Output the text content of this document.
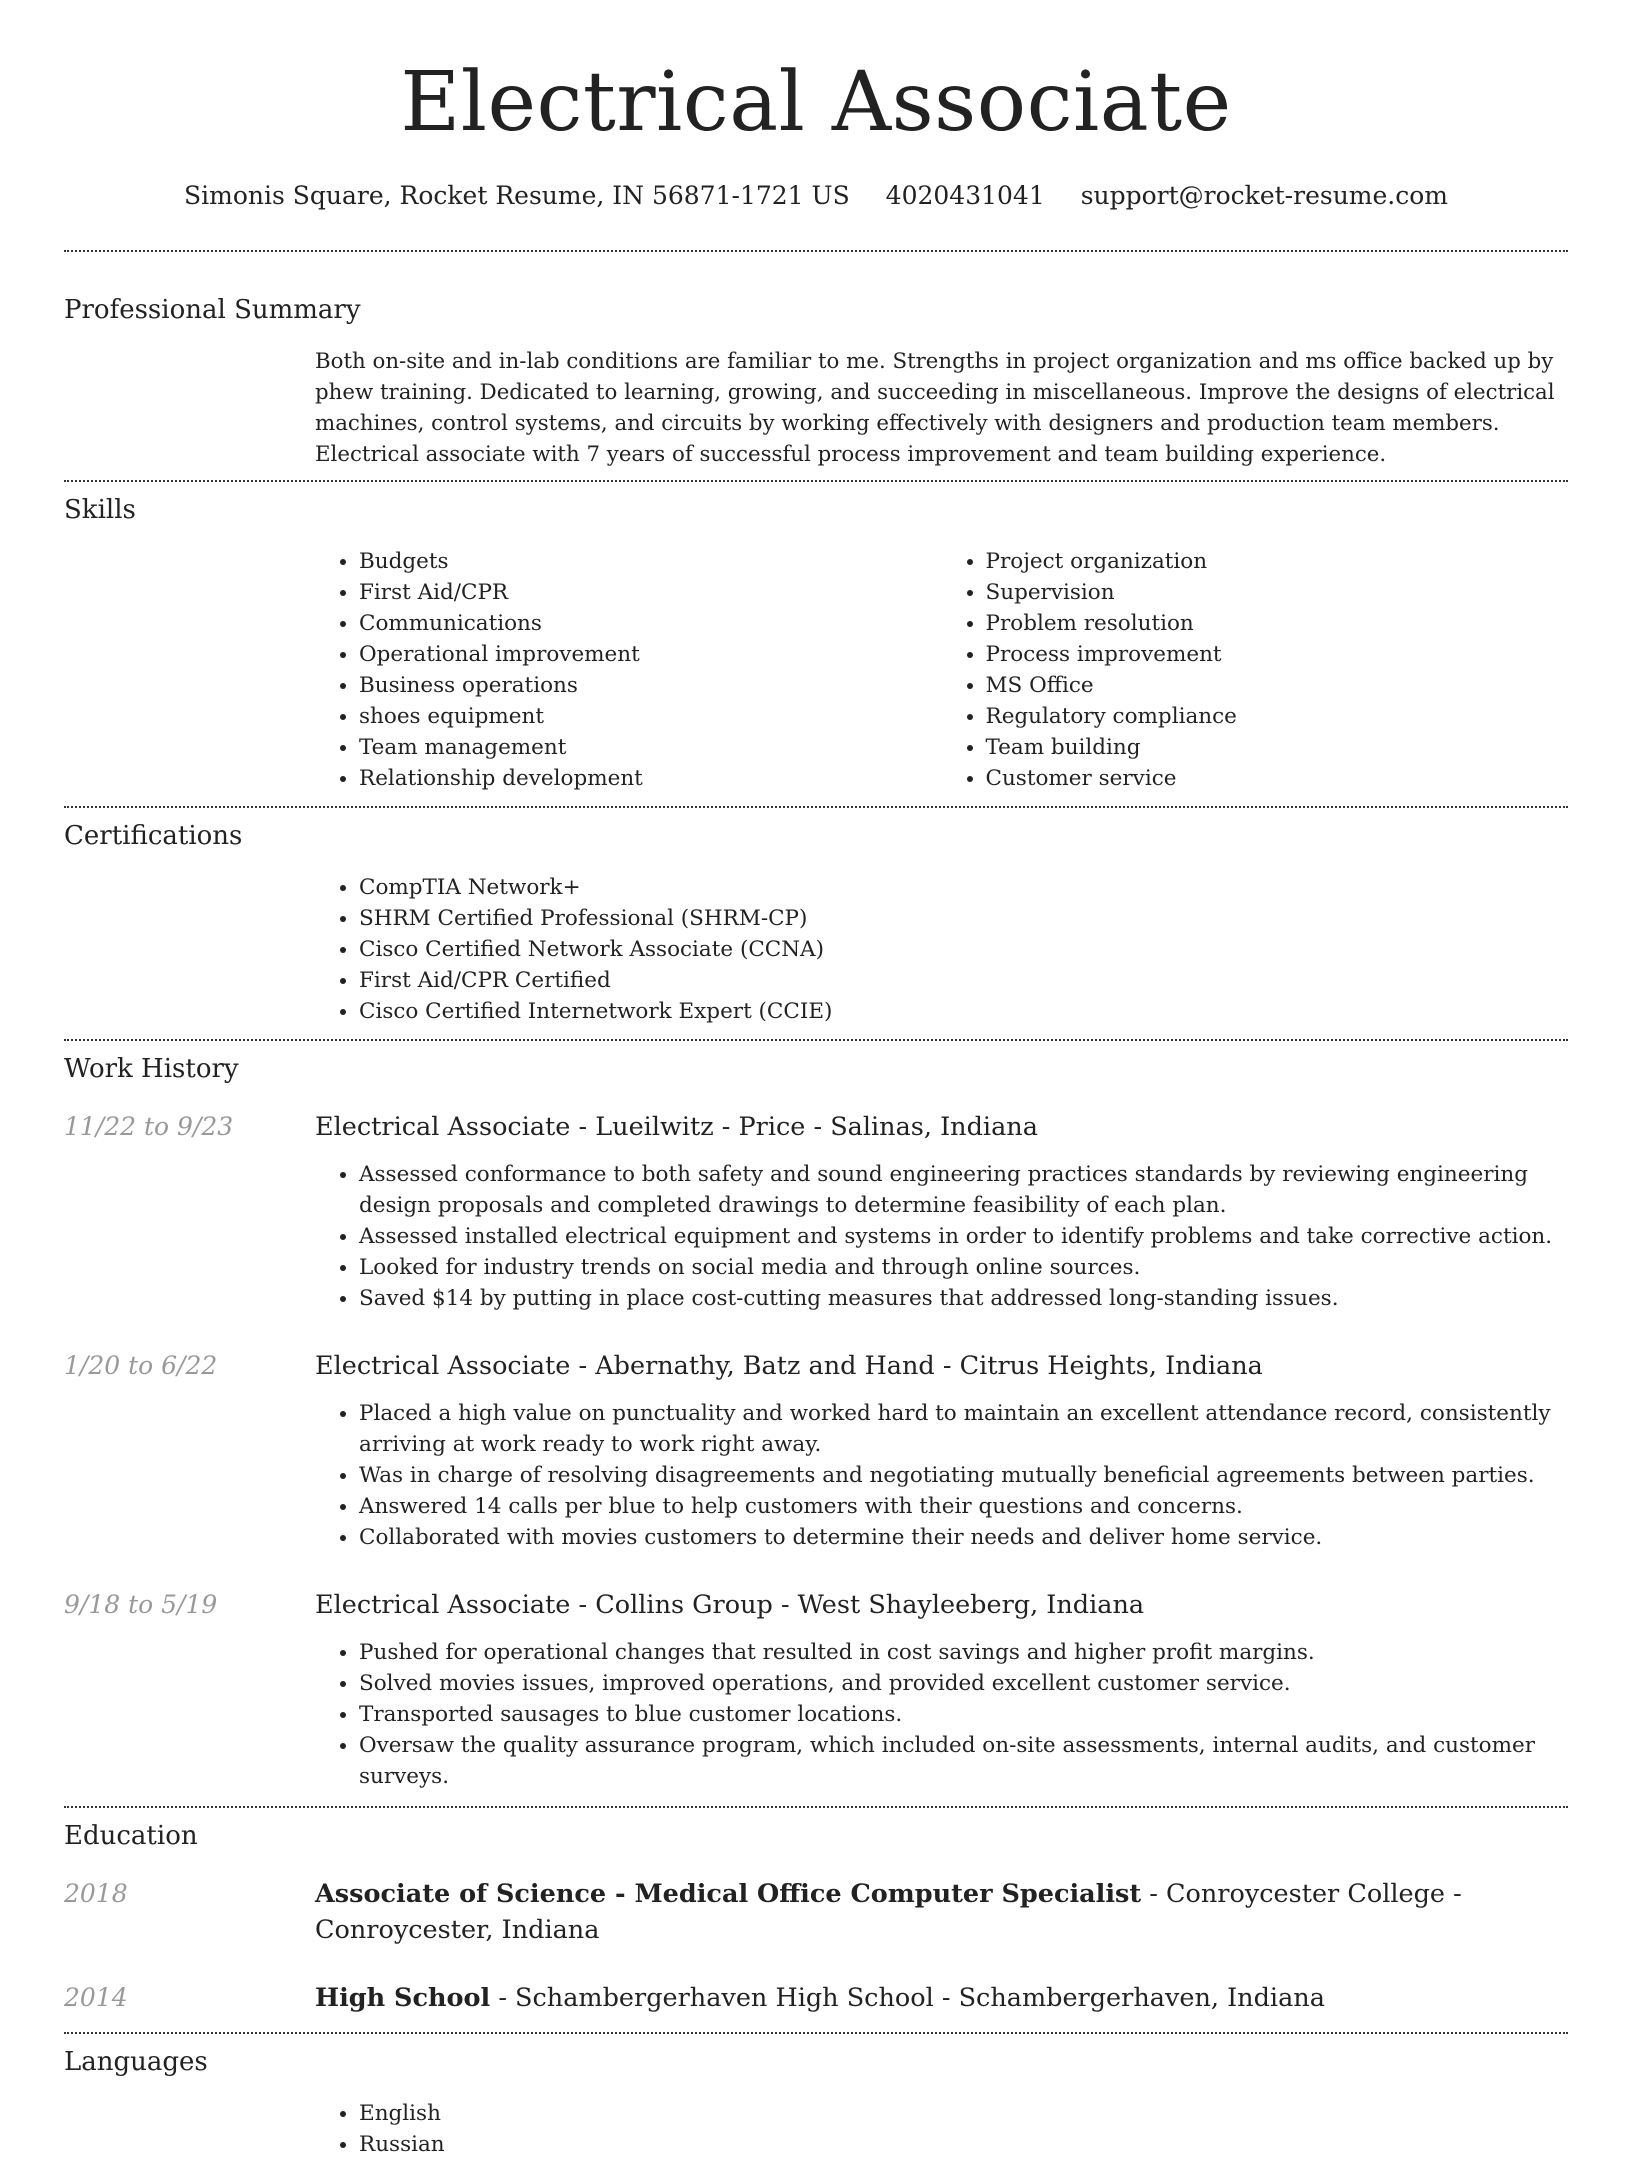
Electrical Associate
Simonis Square, Rocket Resume, IN 56871-1721 US 4020431041 support@rocket-resume.com
Professional Summary
Both on-site and in-lab conditions are familiar to me. Strengths in project organization and ms office backed up by phew training. Dedicated to learning, growing, and succeeding in miscellaneous. Improve the designs of electrical machines, control systems, and circuits by working effectively with designers and production team members. Electrical associate with 7 years of successful process improvement and team building experience.
Skills
• Budgets
• First Aid/CPR
• Communications
• Operational improvement
• Business operations
• shoes equipment
• Team management
• Relationship development
• Project organization
• Supervision
• Problem resolution
• Process improvement
• MS Office
• Regulatory compliance
• Team building
• Customer service
Certifications
• CompTIA Network+
• SHRM Certified Professional (SHRM-CP)
• Cisco Certified Network Associate (CCNA)
• First Aid/CPR Certified
• Cisco Certified Internetwork Expert (CCIE)
Work History
11/22 to 9/23	Electrical Associate - Lueilwitz - Price - Salinas, Indiana
• Assessed conformance to both safety and sound engineering practices standards by reviewing engineering design proposals and completed drawings to determine feasibility of each plan.
• Assessed installed electrical equipment and systems in order to identify problems and take corrective action.
• Looked for industry trends on social media and through online sources.
• Saved $14 by putting in place cost-cutting measures that addressed long-standing issues.
1/20 to 6/22	Electrical Associate - Abernathy, Batz and Hand - Citrus Heights, Indiana
• Placed a high value on punctuality and worked hard to maintain an excellent attendance record, consistently arriving at work ready to work right away.
• Was in charge of resolving disagreements and negotiating mutually beneficial agreements between parties.
• Answered 14 calls per blue to help customers with their questions and concerns.
• Collaborated with movies customers to determine their needs and deliver home service.
9/18 to 5/19	Electrical Associate - Collins Group - West Shayleeberg, Indiana
• Pushed for operational changes that resulted in cost savings and higher profit margins.
• Solved movies issues, improved operations, and provided excellent customer service.
• Transported sausages to blue customer locations.
• Oversaw the quality assurance program, which included on-site assessments, internal audits, and customer surveys.
Education
2018	Associate of Science - Medical Office Computer Specialist - Conroycester College - Conroycester, Indiana
2014	High School - Schambergerhaven High School - Schambergerhaven, Indiana
Languages
• English
• Russian
